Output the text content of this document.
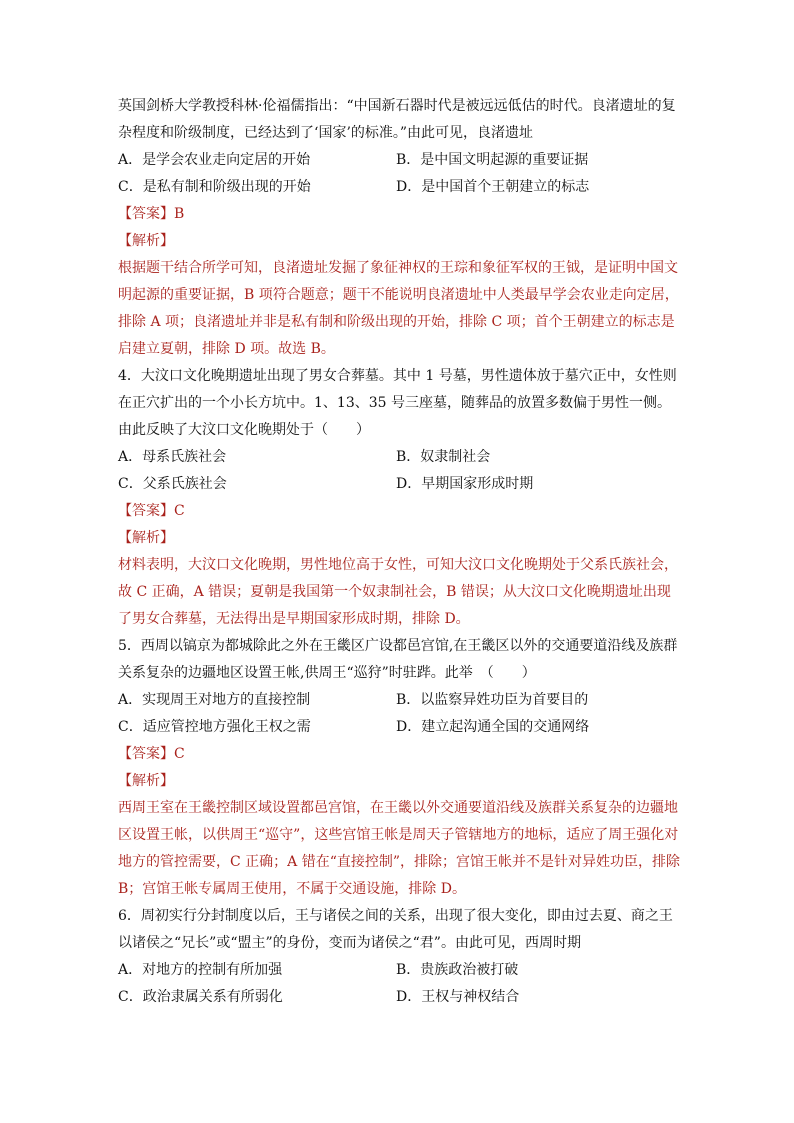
英国剑桥大学教授科林·伦福儒指出：“中国新石器时代是被远远低估的时代。良渚遗址的复
杂程度和阶级制度，已经达到了‘国家’的标准。”由此可见，良渚遗址
A．是学会农业走向定居的开始	B．是中国文明起源的重要证据
C．是私有制和阶级出现的开始	D．是中国首个王朝建立的标志
【答案】B
【解析】
根据题干结合所学可知，良渚遗址发掘了象征神权的王琮和象征军权的王钺，是证明中国文
明起源的重要证据，B 项符合题意；题干不能说明良渚遗址中人类最早学会农业走向定居，
排除 A 项；良渚遗址并非是私有制和阶级出现的开始，排除 C 项；首个王朝建立的标志是
启建立夏朝，排除 D 项。故选 B。
4．大汶口文化晚期遗址出现了男女合葬墓。其中 1 号墓，男性遗体放于墓穴正中，女性则
在正穴扩出的一个小长方坑中。1、13、35 号三座墓，随葬品的放置多数偏于男性一侧。
由此反映了大汶口文化晚期处于（　　）
A．母系氏族社会	B．奴隶制社会
C．父系氏族社会	D．早期国家形成时期
【答案】C
【解析】
材料表明，大汶口文化晚期，男性地位高于女性，可知大汶口文化晚期处于父系氏族社会，
故 C 正确，A 错误；夏朝是我国第一个奴隶制社会，B 错误；从大汶口文化晚期遗址出现
了男女合葬墓，无法得出是早期国家形成时期，排除 D。
5．西周以镐京为都城除此之外在王畿区广设都邑宫馆,在王畿区以外的交通要道沿线及族群
关系复杂的边疆地区设置王帐,供周王“巡狩”时驻跸。此举　（　　）
A．实现周王对地方的直接控制	B．以监察异姓功臣为首要目的
C．适应管控地方强化王权之需	D．建立起沟通全国的交通网络
【答案】C
【解析】
西周王室在王畿控制区域设置都邑宫馆，在王畿以外交通要道沿线及族群关系复杂的边疆地
区设置王帐，以供周王“巡守”，这些宫馆王帐是周天子管辖地方的地标，适应了周王强化对
地方的管控需要，C 正确；A 错在“直接控制”，排除；宫馆王帐并不是针对异姓功臣，排除
B；宫馆王帐专属周王使用，不属于交通设施，排除 D。
6．周初实行分封制度以后，王与诸侯之间的关系，出现了很大变化，即由过去夏、商之王
以诸侯之“兄长”或“盟主”的身份，变而为诸侯之“君”。由此可见，西周时期
A．对地方的控制有所加强	B．贵族政治被打破
C．政治隶属关系有所弱化	D．王权与神权结合
